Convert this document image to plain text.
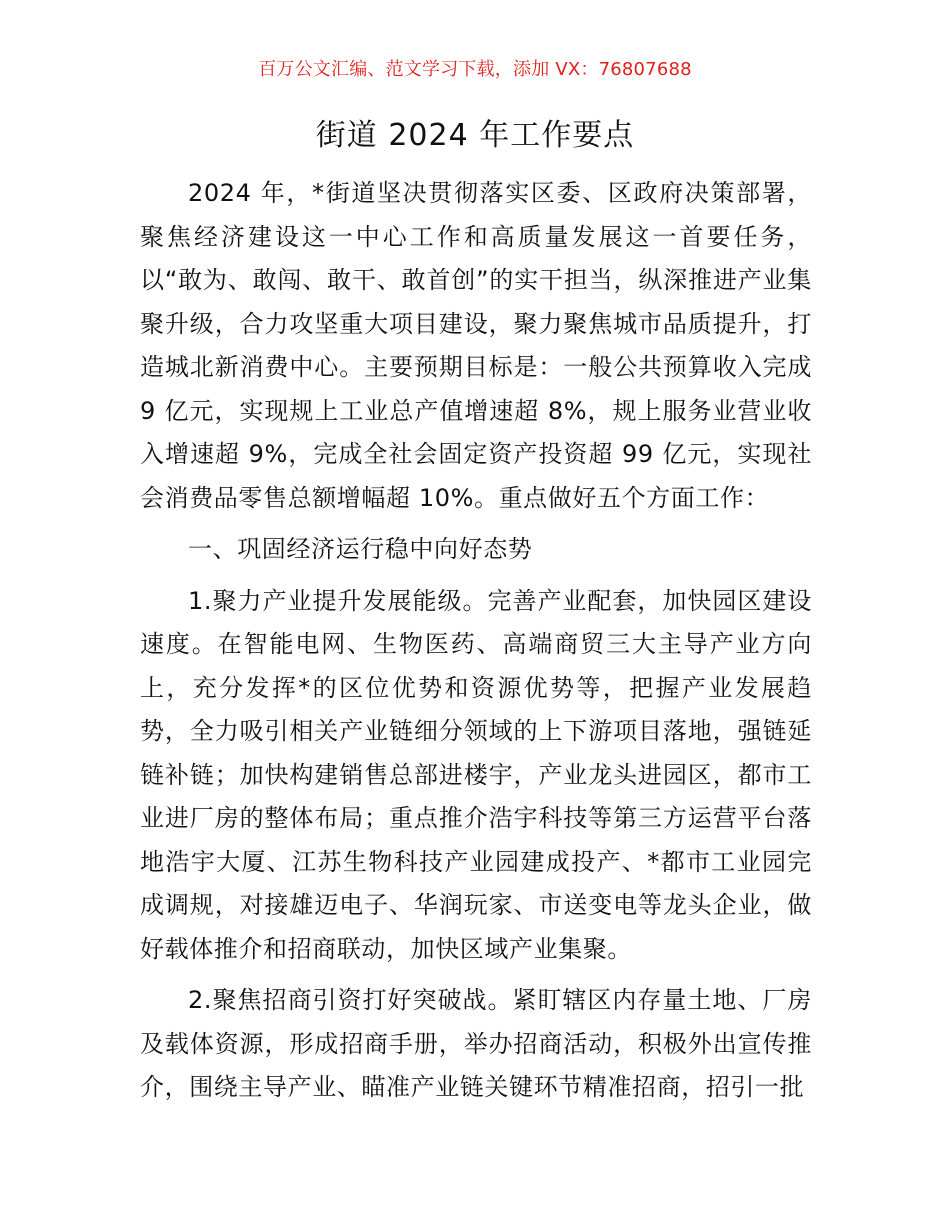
百万公文汇编、范文学习下载，添加 VX：76807688
街道 2024 年工作要点

2024 年，*街道坚决贯彻落实区委、区政府决策部署，聚焦经济建设这一中心工作和高质量发展这一首要任务，以“敢为、敢闯、敢干、敢首创”的实干担当，纵深推进产业集聚升级，合力攻坚重大项目建设，聚力聚焦城市品质提升，打造城北新消费中心。主要预期目标是：一般公共预算收入完成 9 亿元，实现规上工业总产值增速超 8%，规上服务业营业收入增速超 9%，完成全社会固定资产投资超 99 亿元，实现社会消费品零售总额增幅超 10%。重点做好五个方面工作：

一、巩固经济运行稳中向好态势

1.聚力产业提升发展能级。完善产业配套，加快园区建设速度。在智能电网、生物医药、高端商贸三大主导产业方向上，充分发挥*的区位优势和资源优势等，把握产业发展趋势，全力吸引相关产业链细分领域的上下游项目落地，强链延链补链；加快构建销售总部进楼宇，产业龙头进园区，都市工业进厂房的整体布局；重点推介浩宇科技等第三方运营平台落地浩宇大厦、江苏生物科技产业园建成投产、*都市工业园完成调规，对接雄迈电子、华润玩家、市送变电等龙头企业，做好载体推介和招商联动，加快区域产业集聚。

2.聚焦招商引资打好突破战。紧盯辖区内存量土地、厂房及载体资源，形成招商手册，举办招商活动，积极外出宣传推介，围绕主导产业、瞄准产业链关键环节精准招商，招引一批
